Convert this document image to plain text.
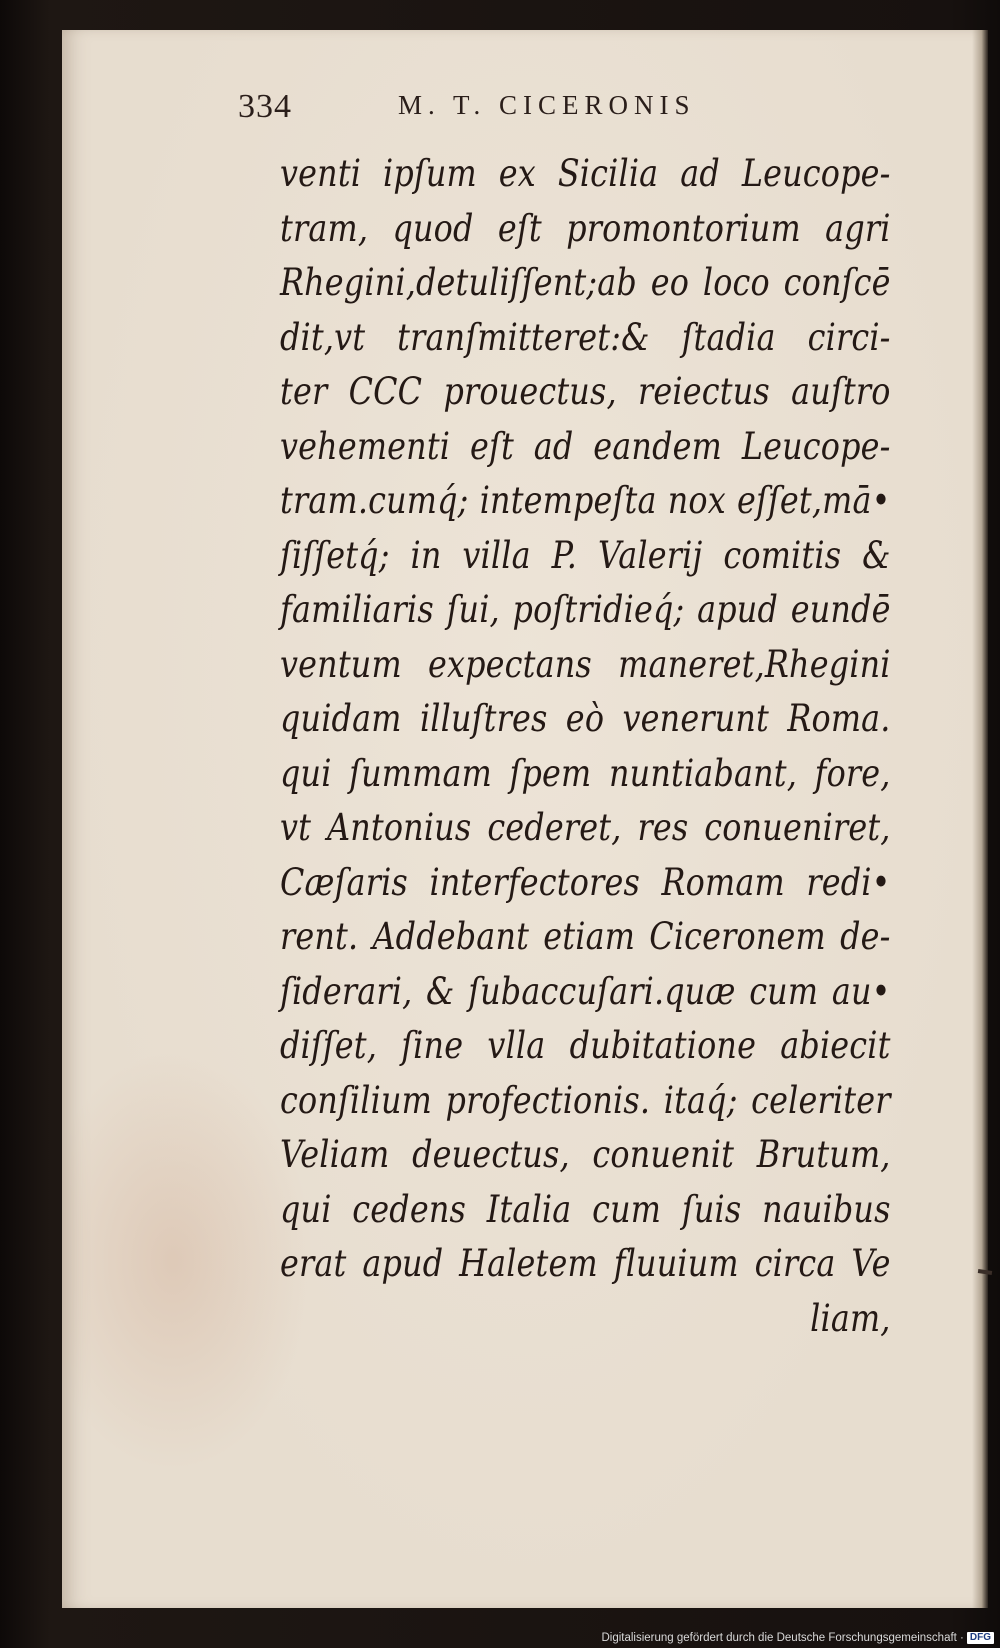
334	M. T. CICERONIS
venti ipſum ex Sicilia ad Leucope-
tram, quod eſt promontorium agri
Rhegini,detuliſſent;ab eo loco conſcē
dit,vt tranſmitteret:& ſtadia circi-
ter CCC prouectus, reiectus auſtro
vehementi eſt ad eandem Leucope-
tram.cumq́; intempeſta nox eſſet,mā•
ſiſſetq́; in villa P. Valerij comitis &
familiaris ſui, poſtridieq́; apud eundē
ventum expectans maneret,Rhegini
quidam illuſtres eò venerunt Roma.
qui ſummam ſpem nuntiabant, fore,
vt Antonius cederet, res conueniret,
Cæſaris interfectores Romam redi•
rent. Addebant etiam Ciceronem de-
ſiderari, & ſubaccuſari.quæ cum au•
diſſet, ſine vlla dubitatione abiecit
conſilium profectionis. itaq́; celeriter
Veliam deuectus, conuenit Brutum,
qui cedens Italia cum ſuis nauibus
erat apud Haletem fluuium circa Ve
liam,
Digitalisierung gefördert durch die Deutsche Forschungsgemeinschaft · DFG
